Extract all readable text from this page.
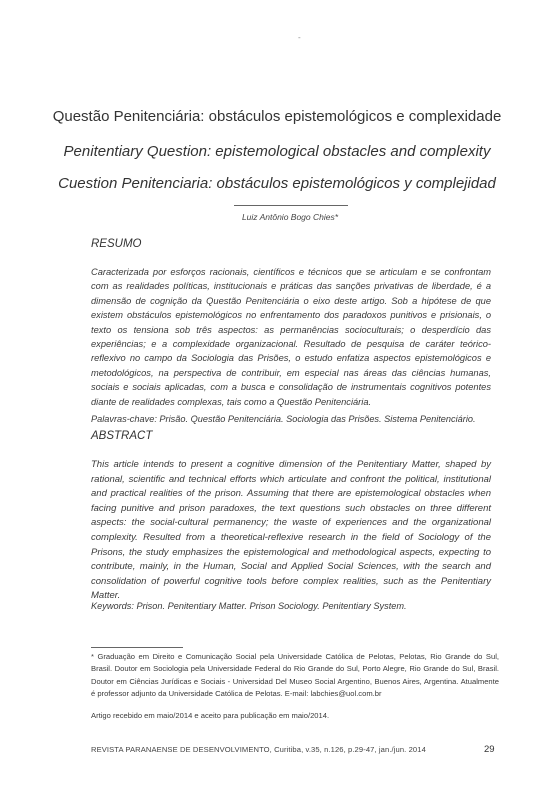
-
Questão Penitenciária: obstáculos epistemológicos e complexidade
Penitentiary Question: epistemological obstacles and complexity
Cuestion Penitenciaria: obstáculos epistemológicos y complejidad
Luiz Antônio Bogo Chies*
RESUMO
Caracterizada por esforços racionais, científicos e técnicos que se articulam e se confrontam com as realidades políticas, institucionais e práticas das sanções privativas de liberdade, é a dimensão de cognição da Questão Penitenciária o eixo deste artigo. Sob a hipótese de que existem obstáculos epistemológicos no enfrentamento dos paradoxos punitivos e prisionais, o texto os tensiona sob três aspectos: as permanências socioculturais; o desperdício das experiências; e a complexidade organizacional. Resultado de pesquisa de caráter teórico-reflexivo no campo da Sociologia das Prisões, o estudo enfatiza aspectos epistemológicos e metodológicos, na perspectiva de contribuir, em especial nas áreas das ciências humanas, sociais e sociais aplicadas, com a busca e consolidação de instrumentais cognitivos potentes diante de realidades complexas, tais como a Questão Penitenciária.
Palavras-chave: Prisão. Questão Penitenciária. Sociologia das Prisões. Sistema Penitenciário.
ABSTRACT
This article intends to present a cognitive dimension of the Penitentiary Matter, shaped by rational, scientific and technical efforts which articulate and confront the political, institutional and practical realities of the prison. Assuming that there are epistemological obstacles when facing punitive and prison paradoxes, the text questions such obstacles on three different aspects: the social-cultural permanency; the waste of experiences and the organizational complexity. Resulted from a theoretical-reflexive research in the field of Sociology of the Prisons, the study emphasizes the epistemological and methodological aspects, expecting to contribute, mainly, in the Human, Social and Applied Social Sciences, with the search and consolidation of powerful cognitive tools before complex realities, such as the Penitentiary Matter.
Keywords: Prison. Penitentiary Matter. Prison Sociology. Penitentiary System.
* Graduação em Direito e Comunicação Social pela Universidade Católica de Pelotas, Pelotas, Rio Grande do Sul, Brasil. Doutor em Sociologia pela Universidade Federal do Rio Grande do Sul, Porto Alegre, Rio Grande do Sul, Brasil. Doutor em Ciências Jurídicas e Sociais - Universidad Del Museo Social Argentino, Buenos Aires, Argentina. Atualmente é professor adjunto da Universidade Católica de Pelotas. E-mail: labchies@uol.com.br
Artigo recebido em maio/2014 e aceito para publicação em maio/2014.
REVISTA PARANAENSE DE DESENVOLVIMENTO, Curitiba, v.35, n.126, p.29-47, jan./jun. 2014	29
